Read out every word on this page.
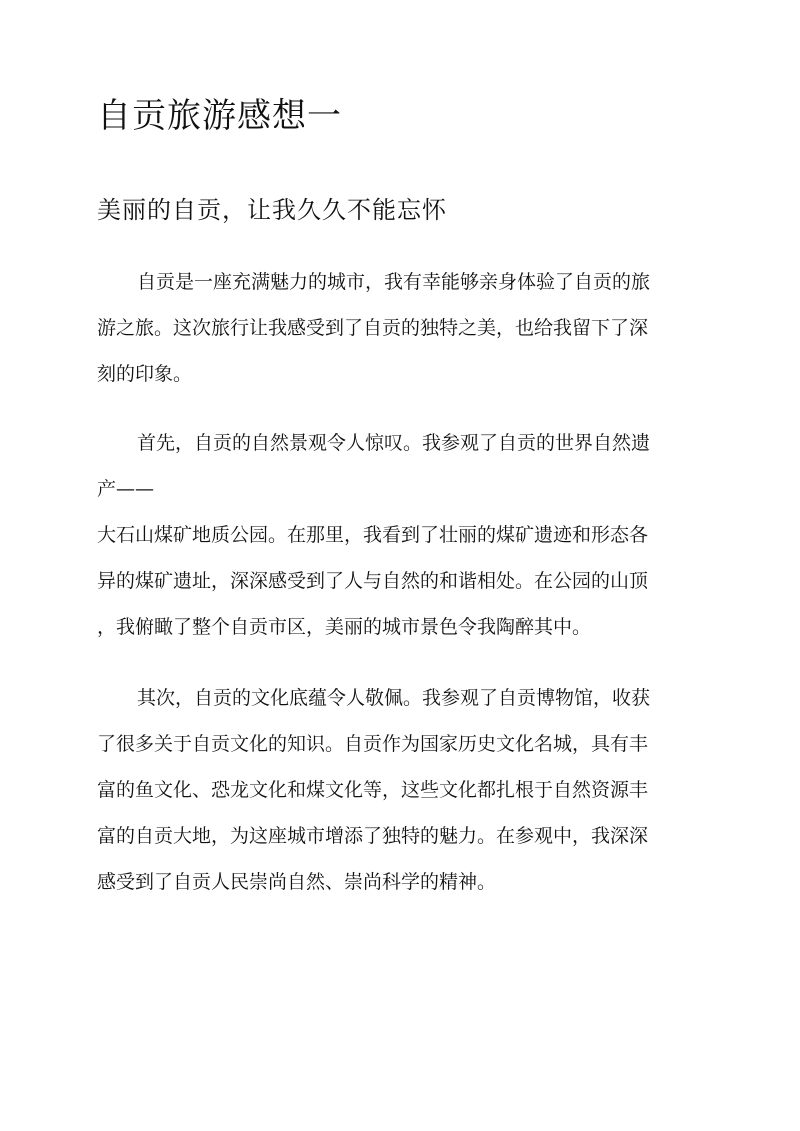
自贡旅游感想一
美丽的自贡，让我久久不能忘怀

自贡是一座充满魅力的城市，我有幸能够亲身体验了自贡的旅

游之旅。这次旅行让我感受到了自贡的独特之美，也给我留下了深

刻的印象。

首先，自贡的自然景观令人惊叹。我参观了自贡的世界自然遗

产——

大石山煤矿地质公园。在那里，我看到了壮丽的煤矿遗迹和形态各

异的煤矿遗址，深深感受到了人与自然的和谐相处。在公园的山顶

，我俯瞰了整个自贡市区，美丽的城市景色令我陶醉其中。

其次，自贡的文化底蕴令人敬佩。我参观了自贡博物馆，收获

了很多关于自贡文化的知识。自贡作为国家历史文化名城，具有丰

富的鱼文化、恐龙文化和煤文化等，这些文化都扎根于自然资源丰

富的自贡大地，为这座城市增添了独特的魅力。在参观中，我深深

感受到了自贡人民崇尚自然、崇尚科学的精神。
